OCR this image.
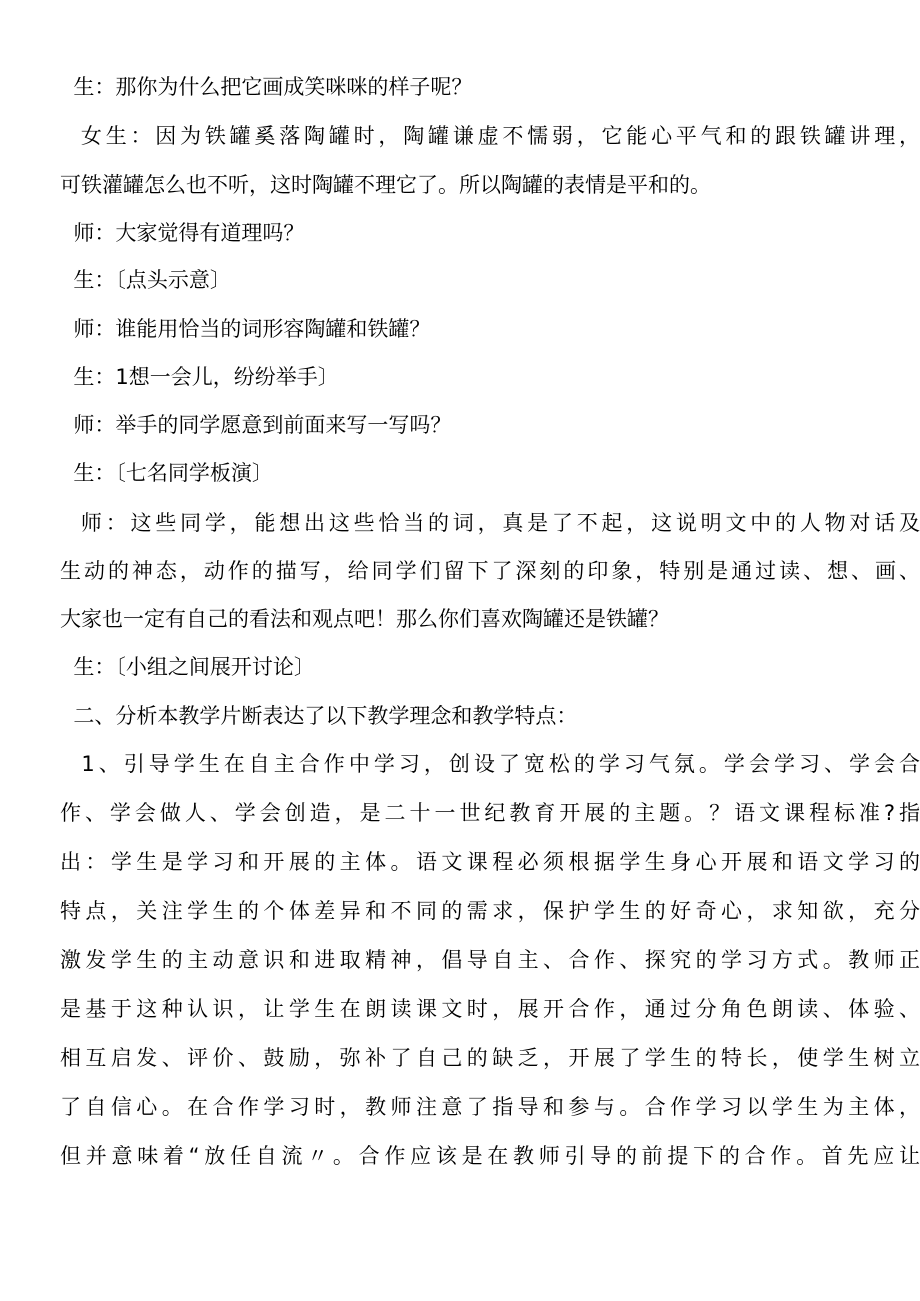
生：那你为什么把它画成笑咪咪的样子呢？
女生：因为铁罐奚落陶罐时，陶罐谦虚不懦弱，它能心平气和的跟铁罐讲理，
可铁灌罐怎么也不听，这时陶罐不理它了。所以陶罐的表情是平和的。
师：大家觉得有道理吗？
生：〔点头示意〕
师：谁能用恰当的词形容陶罐和铁罐？
生：1想一会儿，纷纷举手〕
师：举手的同学愿意到前面来写一写吗？
生：〔七名同学板演〕
师：这些同学，能想出这些恰当的词，真是了不起，这说明文中的人物对话及
生动的神态，动作的描写，给同学们留下了深刻的印象，特别是通过读、想、画、
大家也一定有自己的看法和观点吧！那么你们喜欢陶罐还是铁罐？
生：〔小组之间展开讨论〕
二、分析本教学片断表达了以下教学理念和教学特点：
1、引导学生在自主合作中学习，创设了宽松的学习气氛。学会学习、学会合
作、学会做人、学会创造，是二十一世纪教育开展的主题。？语文课程标准?指
出：学生是学习和开展的主体。语文课程必须根据学生身心开展和语文学习的
特点，关注学生的个体差异和不同的需求，保护学生的好奇心，求知欲，充分
激发学生的主动意识和进取精神，倡导自主、合作、探究的学习方式。教师正
是基于这种认识，让学生在朗读课文时，展开合作，通过分角色朗读、体验、
相互启发、评价、鼓励，弥补了自己的缺乏，开展了学生的特长，使学生树立
了自信心。在合作学习时，教师注意了指导和参与。合作学习以学生为主体，
但并意味着“放任自流〃。合作应该是在教师引导的前提下的合作。首先应让
